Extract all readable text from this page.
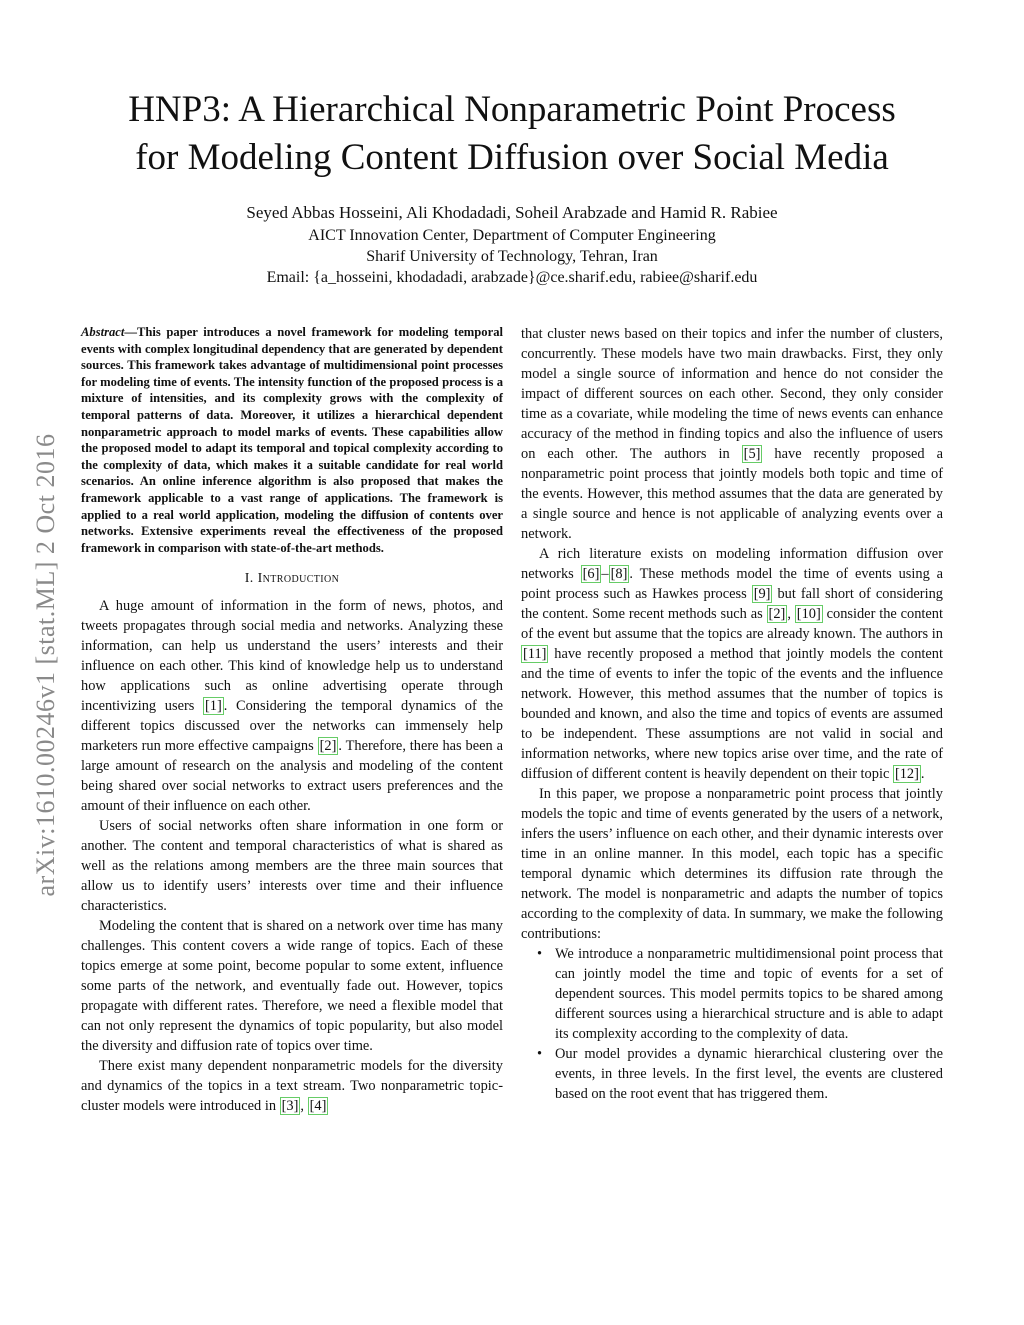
arXiv:1610.00246v1 [stat.ML] 2 Oct 2016
HNP3: A Hierarchical Nonparametric Point Process
for Modeling Content Diffusion over Social Media
Seyed Abbas Hosseini, Ali Khodadadi, Soheil Arabzade and Hamid R. Rabiee
AICT Innovation Center, Department of Computer Engineering
Sharif University of Technology, Tehran, Iran
Email: {a_hosseini, khodadadi, arabzade}@ce.sharif.edu, rabiee@sharif.edu
Abstract—This paper introduces a novel framework for modeling temporal events with complex longitudinal dependency that are generated by dependent sources. This framework takes advantage of multidimensional point processes for modeling time of events. The intensity function of the proposed process is a mixture of intensities, and its complexity grows with the complexity of temporal patterns of data. Moreover, it utilizes a hierarchical dependent nonparametric approach to model marks of events. These capabilities allow the proposed model to adapt its temporal and topical complexity according to the complexity of data, which makes it a suitable candidate for real world scenarios. An online inference algorithm is also proposed that makes the framework applicable to a vast range of applications. The framework is applied to a real world application, modeling the diffusion of contents over networks. Extensive experiments reveal the effectiveness of the proposed framework in comparison with state-of-the-art methods.
I. Introduction

A huge amount of information in the form of news, photos, and tweets propagates through social media and networks. Analyzing these information, can help us understand the users’ interests and their influence on each other. This kind of knowledge help us to understand how applications such as online advertising operate through incentivizing users [1] . Considering the temporal dynamics of the different topics discussed over the networks can immensely help marketers run more effective campaigns [2] . Therefore, there has been a large amount of research on the analysis and modeling of the content being shared over social networks to extract users preferences and the amount of their influence on each other.

Users of social networks often share information in one form or another. The content and temporal characteristics of what is shared as well as the relations among members are the three main sources that allow us to identify users’ interests over time and their influence characteristics.

Modeling the content that is shared on a network over time has many challenges. This content covers a wide range of topics. Each of these topics emerge at some point, become popular to some extent, influence some parts of the network, and eventually fade out. However, topics propagate with different rates. Therefore, we need a flexible model that can not only represent the dynamics of topic popularity, but also model the diversity and diffusion rate of topics over time.

There exist many dependent nonparametric models for the diversity and dynamics of the topics in a text stream. Two nonparametric topic-cluster models were introduced in [3] , [4]

that cluster news based on their topics and infer the number of clusters, concurrently. These models have two main drawbacks. First, they only model a single source of information and hence do not consider the impact of different sources on each other. Second, they only consider time as a covariate, while modeling the time of news events can enhance accuracy of the method in finding topics and also the influence of users on each other. The authors in [5] have recently proposed a nonparametric point process that jointly models both topic and time of the events. However, this method assumes that the data are generated by a single source and hence is not applicable of analyzing events over a network.

A rich literature exists on modeling information diffusion over networks [6] – [8] . These methods model the time of events using a point process such as Hawkes process [9] but fall short of considering the content. Some recent methods such as [2] , [10] consider the content of the event but assume that the topics are already known. The authors in [11] have recently proposed a method that jointly models the content and the time of events to infer the topic of the events and the influence network. However, this method assumes that the number of topics is bounded and known, and also the time and topics of events are assumed to be independent. These assumptions are not valid in social and information networks, where new topics arise over time, and the rate of diffusion of different content is heavily dependent on their topic [12] .

In this paper, we propose a nonparametric point process that jointly models the topic and time of events generated by the users of a network, infers the users’ influence on each other, and their dynamic interests over time in an online manner. In this model, each topic has a specific temporal dynamic which determines its diffusion rate through the network. The model is nonparametric and adapts the number of topics according to the complexity of data. In summary, we make the following contributions:

• We introduce a nonparametric multidimensional point process that can jointly model the time and topic of events for a set of dependent sources. This model permits topics to be shared among different sources using a hierarchical structure and is able to adapt its complexity according to the complexity of data.
• Our model provides a dynamic hierarchical clustering over the events, in three levels. In the first level, the events are clustered based on the root event that has triggered them.
